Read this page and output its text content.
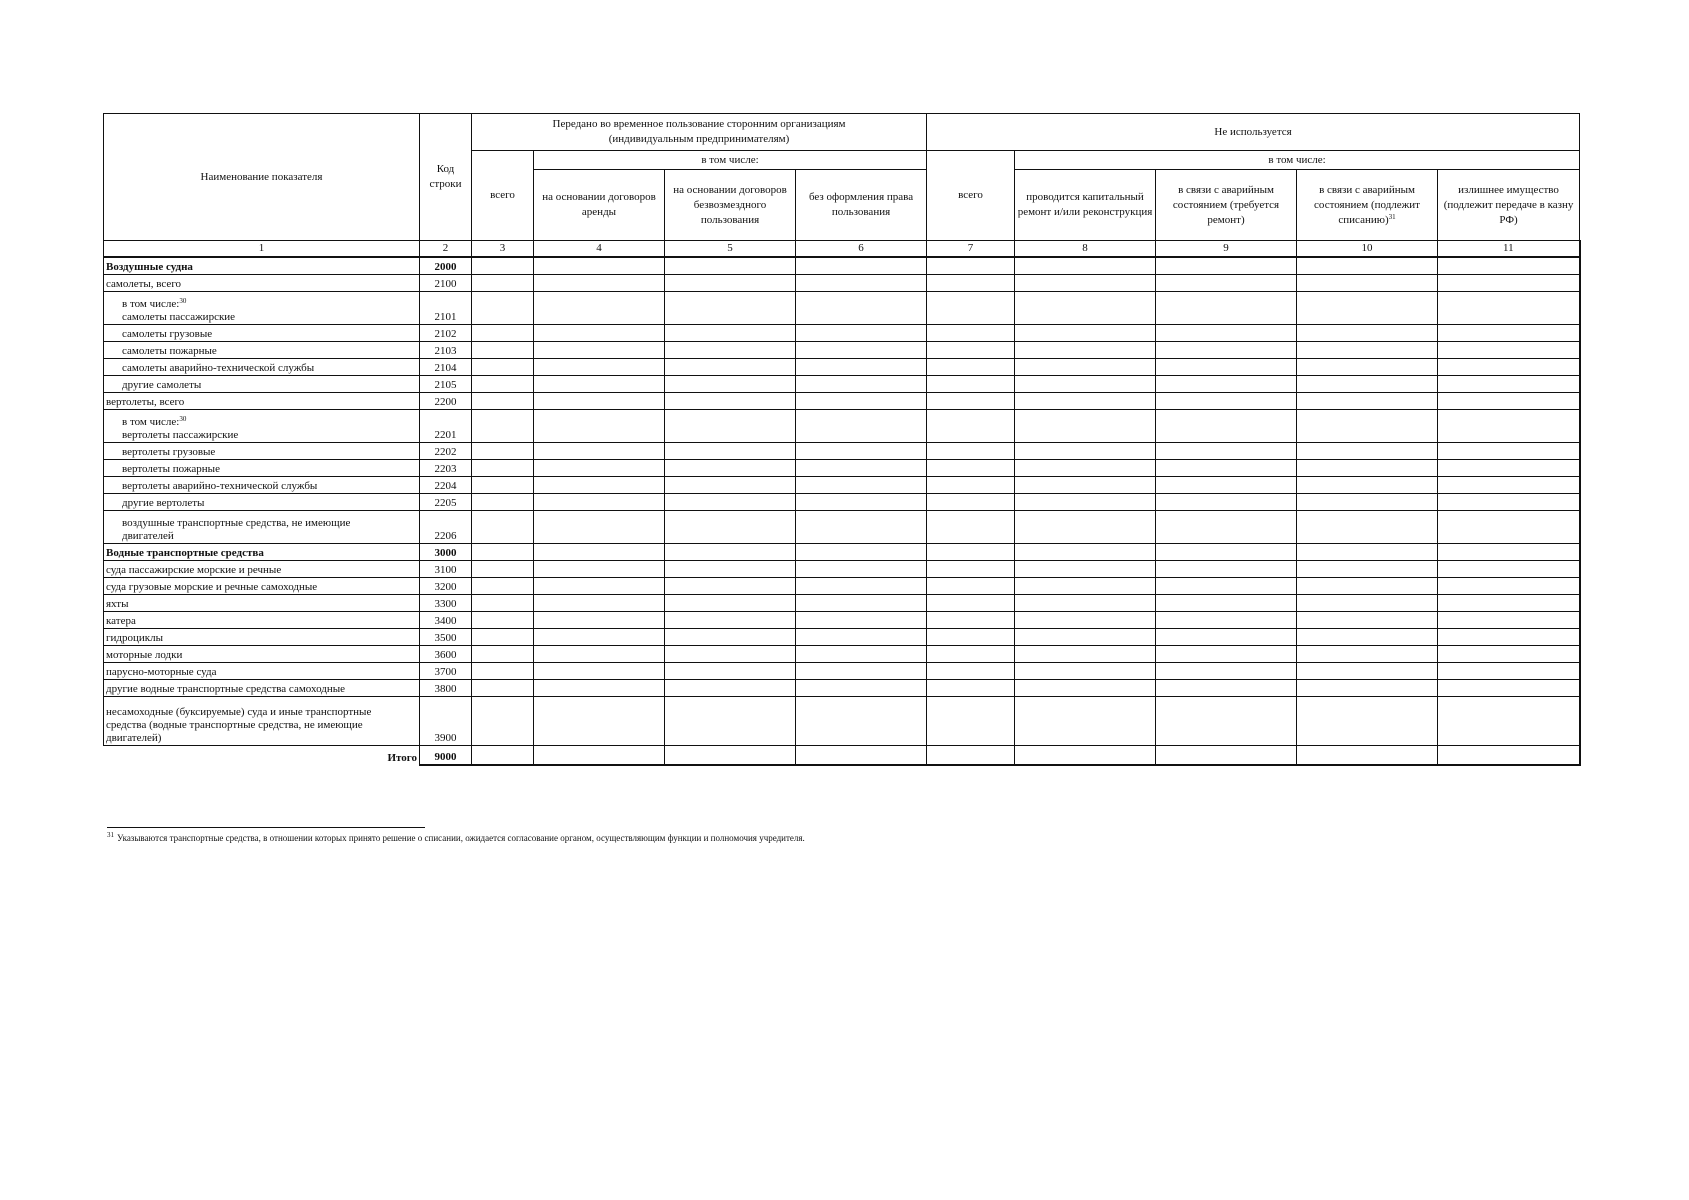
Наименование показателя	Код строки	Передано во временное пользование сторонним организациям (индивидуальным предпринимателям)				Не используется				
		всего	в том числе:			всего	в том числе:			
			на основании договоров аренды	на основании договоров безвозмездного пользования	без оформления права пользования		проводится капитальный ремонт и/или реконструкция	в связи с аварийным состоянием (требуется ремонт)	в связи с аварийным состоянием (подлежит списанию)$^{31}$	излишнее имущество (подлежит передаче в казну РФ)
1	2	3	4	5	6	7	8	9	10	11

Воздушные судна	2000									

самолеты, всего	2100									

в том числе:$^{30}$
самолеты пассажирские	2101									

самолеты грузовые	2102									

самолеты пожарные	2103									

самолеты аварийно-технической службы	2104									

другие самолеты	2105									

вертолеты, всего	2200									

в том числе:$^{30}$
вертолеты пассажирские	2201									

вертолеты грузовые	2202									

вертолеты пожарные	2203									

вертолеты аварийно-технической службы	2204									

другие вертолеты	2205									

воздушные транспортные средства, не имеющие
двигателей	2206									

Водные транспортные средства	3000									

суда пассажирские морские и речные	3100									

суда грузовые морские и речные самоходные	3200									

яхты	3300									

катера	3400									

гидроциклы	3500									

моторные лодки	3600									

парусно-моторные суда	3700									

другие водные транспортные средства самоходные	3800									

несамоходные (буксируемые) суда и иные транспортные
средства (водные транспортные средства, не имеющие
двигателей)	3900									
Итого	9000									
$^{31}$ Указываются транспортные средства, в отношении которых принято решение о списании, ожидается согласование органом, осуществляющим функции и полномочия учредителя.
